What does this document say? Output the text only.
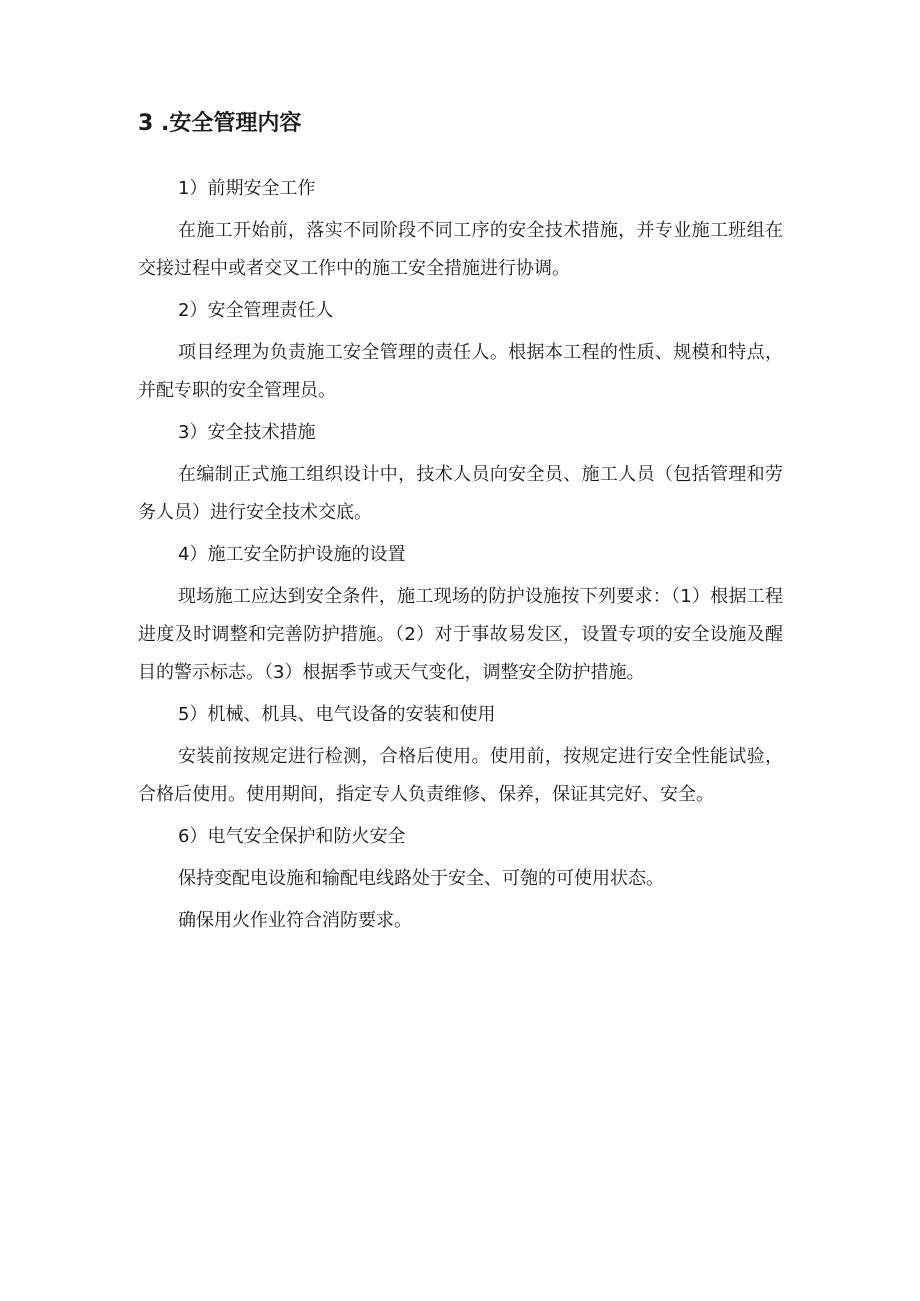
3 .安全管理内容
1）前期安全工作
在施工开始前，落实不同阶段不同工序的安全技术措施，并专业施工班组在交接过程中或者交叉工作中的施工安全措施进行协调。
2）安全管理责任人
项目经理为负责施工安全管理的责任人。根据本工程的性质、规模和特点，并配专职的安全管理员。
3）安全技术措施
在编制正式施工组织设计中，技术人员向安全员、施工人员（包括管理和劳务人员）进行安全技术交底。
4）施工安全防护设施的设置
现场施工应达到安全条件，施工现场的防护设施按下列要求：（1）根据工程进度及时调整和完善防护措施。（2）对于事故易发区，设置专项的安全设施及醒目的警示标志。（3）根据季节或天气变化，调整安全防护措施。
5）机械、机具、电气设备的安装和使用
安装前按规定进行检测，合格后使用。使用前，按规定进行安全性能试验，合格后使用。使用期间，指定专人负责维修、保养，保证其完好、安全。
6）电气安全保护和防火安全
保持变配电设施和输配电线路处于安全、可匏的可使用状态。
确保用火作业符合消防要求。
